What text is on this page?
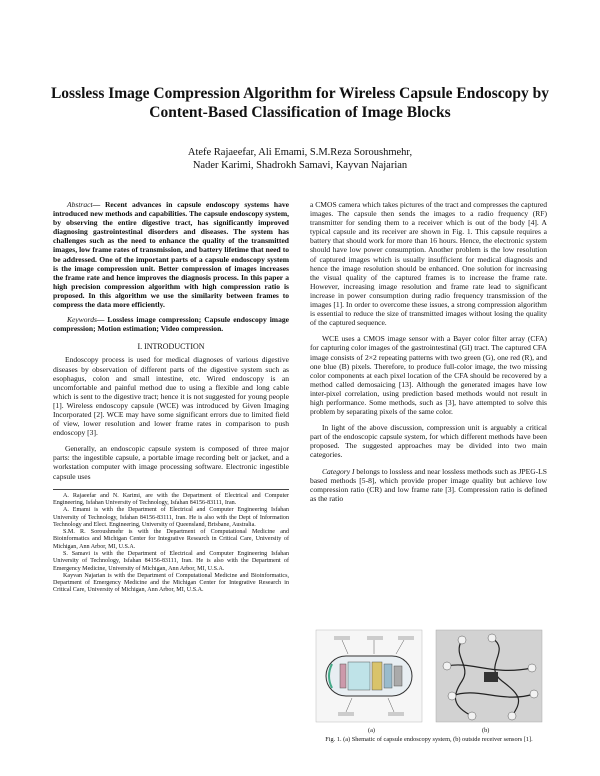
Lossless Image Compression Algorithm for Wireless Capsule Endoscopy by Content-Based Classification of Image Blocks
Atefe Rajaeefar, Ali Emami, S.M.Reza Soroushmehr,
Nader Karimi, Shadrokh Samavi, Kayvan Najarian

Abstract— Recent advances in capsule endoscopy systems have introduced new methods and capabilities. The capsule endoscopy system, by observing the entire digestive tract, has significantly improved diagnosing gastrointestinal disorders and diseases. The system has challenges such as the need to enhance the quality of the transmitted images, low frame rates of transmission, and battery lifetime that need to be addressed. One of the important parts of a capsule endoscopy system is the image compression unit. Better compression of images increases the frame rate and hence improves the diagnosis process. In this paper a high precision compression algorithm with high compression ratio is proposed. In this algorithm we use the similarity between frames to compress the data more efficiently.

Keywords— Lossless image compression; Capsule endoscopy image compression; Motion estimation; Video compression.

I. INTRODUCTION

Endoscopy process is used for medical diagnoses of various digestive diseases by observation of different parts of the digestive system such as esophagus, colon and small intestine, etc. Wired endoscopy is an uncomfortable and painful method due to using a flexible and long cable which is sent to the digestive tract; hence it is not suggested for young people [1]. Wireless endoscopy capsule (WCE) was introduced by Given Imaging Incorporated [2]. WCE may have some significant errors due to limited field of view, lower resolution and lower frame rates in comparison to push endoscopy [3].

Generally, an endoscopic capsule system is composed of three major parts: the ingestible capsule, a portable image recording belt or jacket, and a workstation computer with image processing software. Electronic ingestible capsule uses

A. Rajaeefar and N. Karimi, are with the Department of Electrical and Computer Engineering, Isfahan University of Technology, Isfahan 84156-83111, Iran.

A. Emami is with the Department of Electrical and Computer Engineering Isfahan University of Technology, Isfahan 84156-83111, Iran. He is also with the Dept of Information Technology and Elect. Engineering, University of Queensland, Brisbane, Australia.

S.M. R. Soroushmehr is with the Department of Computational Medicine and Bioinformatics and Michigan Center for Integrative Research in Critical Care, University of Michigan, Ann Arbor, MI, U.S.A.

S. Samavi is with the Department of Electrical and Computer Engineering Isfahan University of Technology, Isfahan 84156-83111, Iran. He is also with the Department of Emergency Medicine, University of Michigan, Ann Arbor, MI, U.S.A.

Kayvan Najarian is with the Department of Computational Medicine and Bioinformatics, Department of Emergency Medicine and the Michigan Center for Integrative Research in Critical Care, University of Michigan, Ann Arbor, MI, U.S.A.

a CMOS camera which takes pictures of the tract and compresses the captured images. The capsule then sends the images to a radio frequency (RF) transmitter for sending them to a receiver which is out of the body [4]. A typical capsule and its receiver are shown in Fig. 1. This capsule requires a battery that should work for more than 16 hours. Hence, the electronic system should have low power consumption. Another problem is the low resolution of captured images which is usually insufficient for medical diagnosis and hence the image resolution should be enhanced. One solution for increasing the visual quality of the captured frames is to increase the frame rate. However, increasing image resolution and frame rate lead to significant increase in power consumption during radio frequency transmission of the images [1]. In order to overcome these issues, a strong compression algorithm is essential to reduce the size of transmitted images without losing the quality of the captured sequence.

WCE uses a CMOS image sensor with a Bayer color filter array (CFA) for capturing color images of the gastrointestinal (GI) tract. The captured CFA image consists of 2×2 repeating patterns with two green (G), one red (R), and one blue (B) pixels. Therefore, to produce full-color image, the two missing color components at each pixel location of the CFA should be recovered by a method called demosaicing [13]. Although the generated images have low inter-pixel correlation, using prediction based methods would not result in high performance. Some methods, such as [3], have attempted to solve this problem by separating pixels of the same color.

In light of the above discussion, compression unit is arguably a critical part of the endoscopic capsule system, for which different methods have been proposed. The suggested approaches may be divided into two main categories.

Category I belongs to lossless and near lossless methods such as JPEG-LS based methods [5-8], which provide proper image quality but achieve low compression ratio (CR) and low frame rate [3]. Compression ratio is defined as the ratio

(a)	(b)
Fig. 1. (a) Shematic of capsule endoscopy system, (b) outside receiver sensors [1].
